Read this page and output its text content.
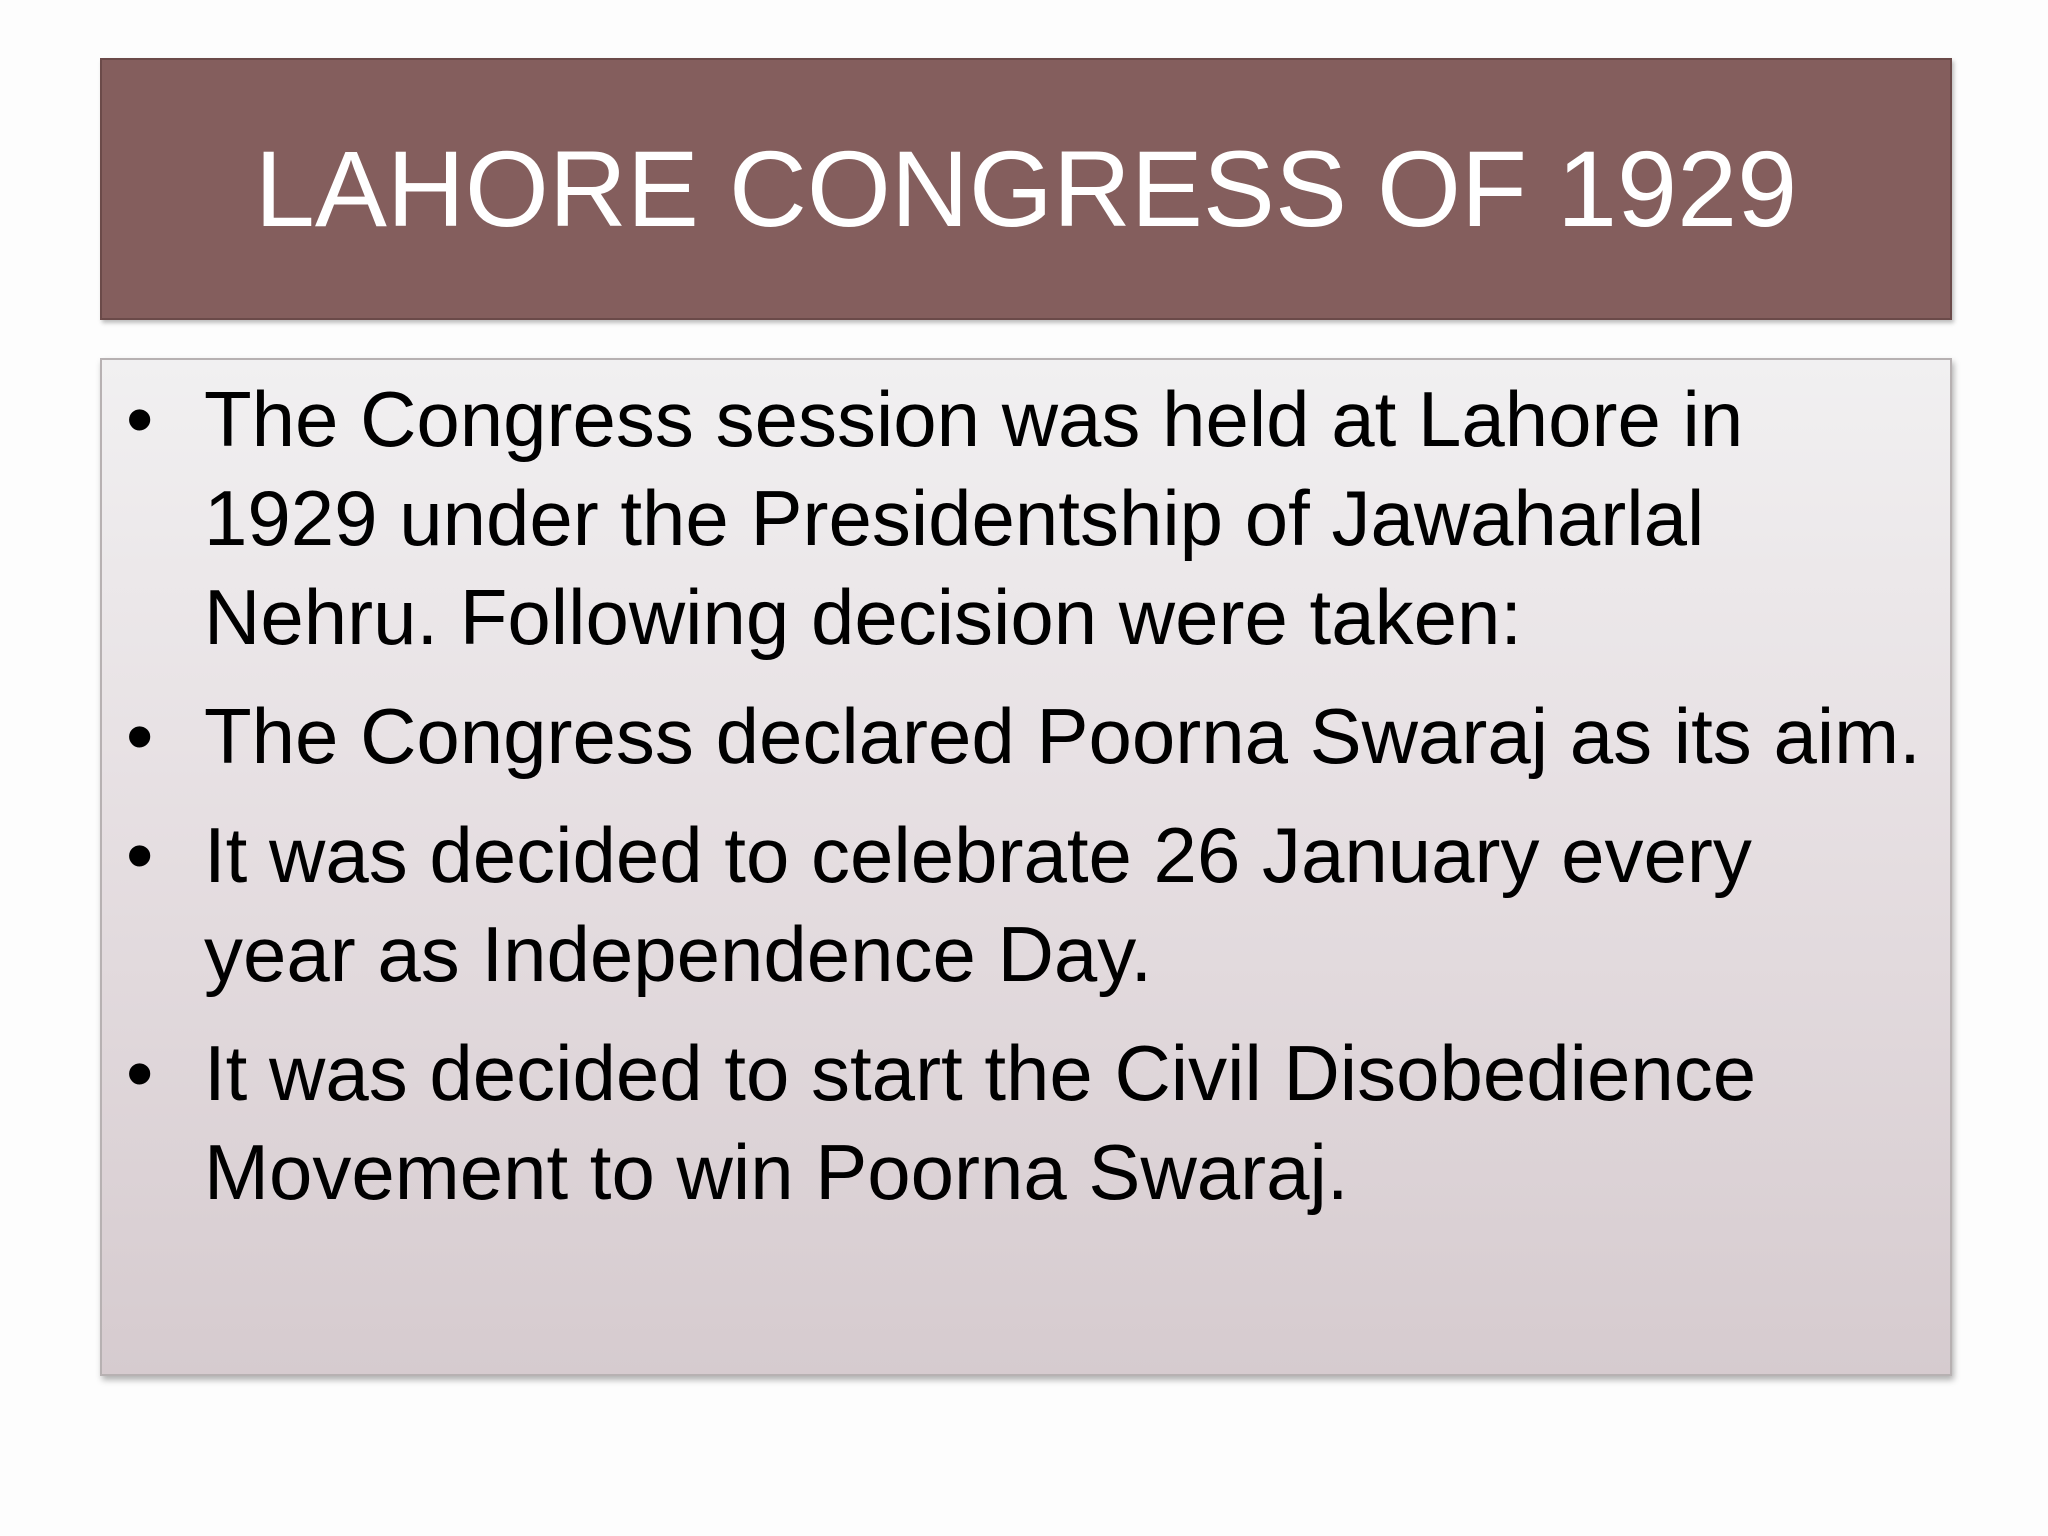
LAHORE CONGRESS OF 1929
• The Congress session was held at Lahore in 1929 under the Presidentship of Jawaharlal Nehru. Following decision were taken:
• The Congress declared Poorna Swaraj as its aim.
• It was decided to celebrate 26 January every year as Independence Day.
• It was decided to start the Civil Disobedience Movement to win Poorna Swaraj.
